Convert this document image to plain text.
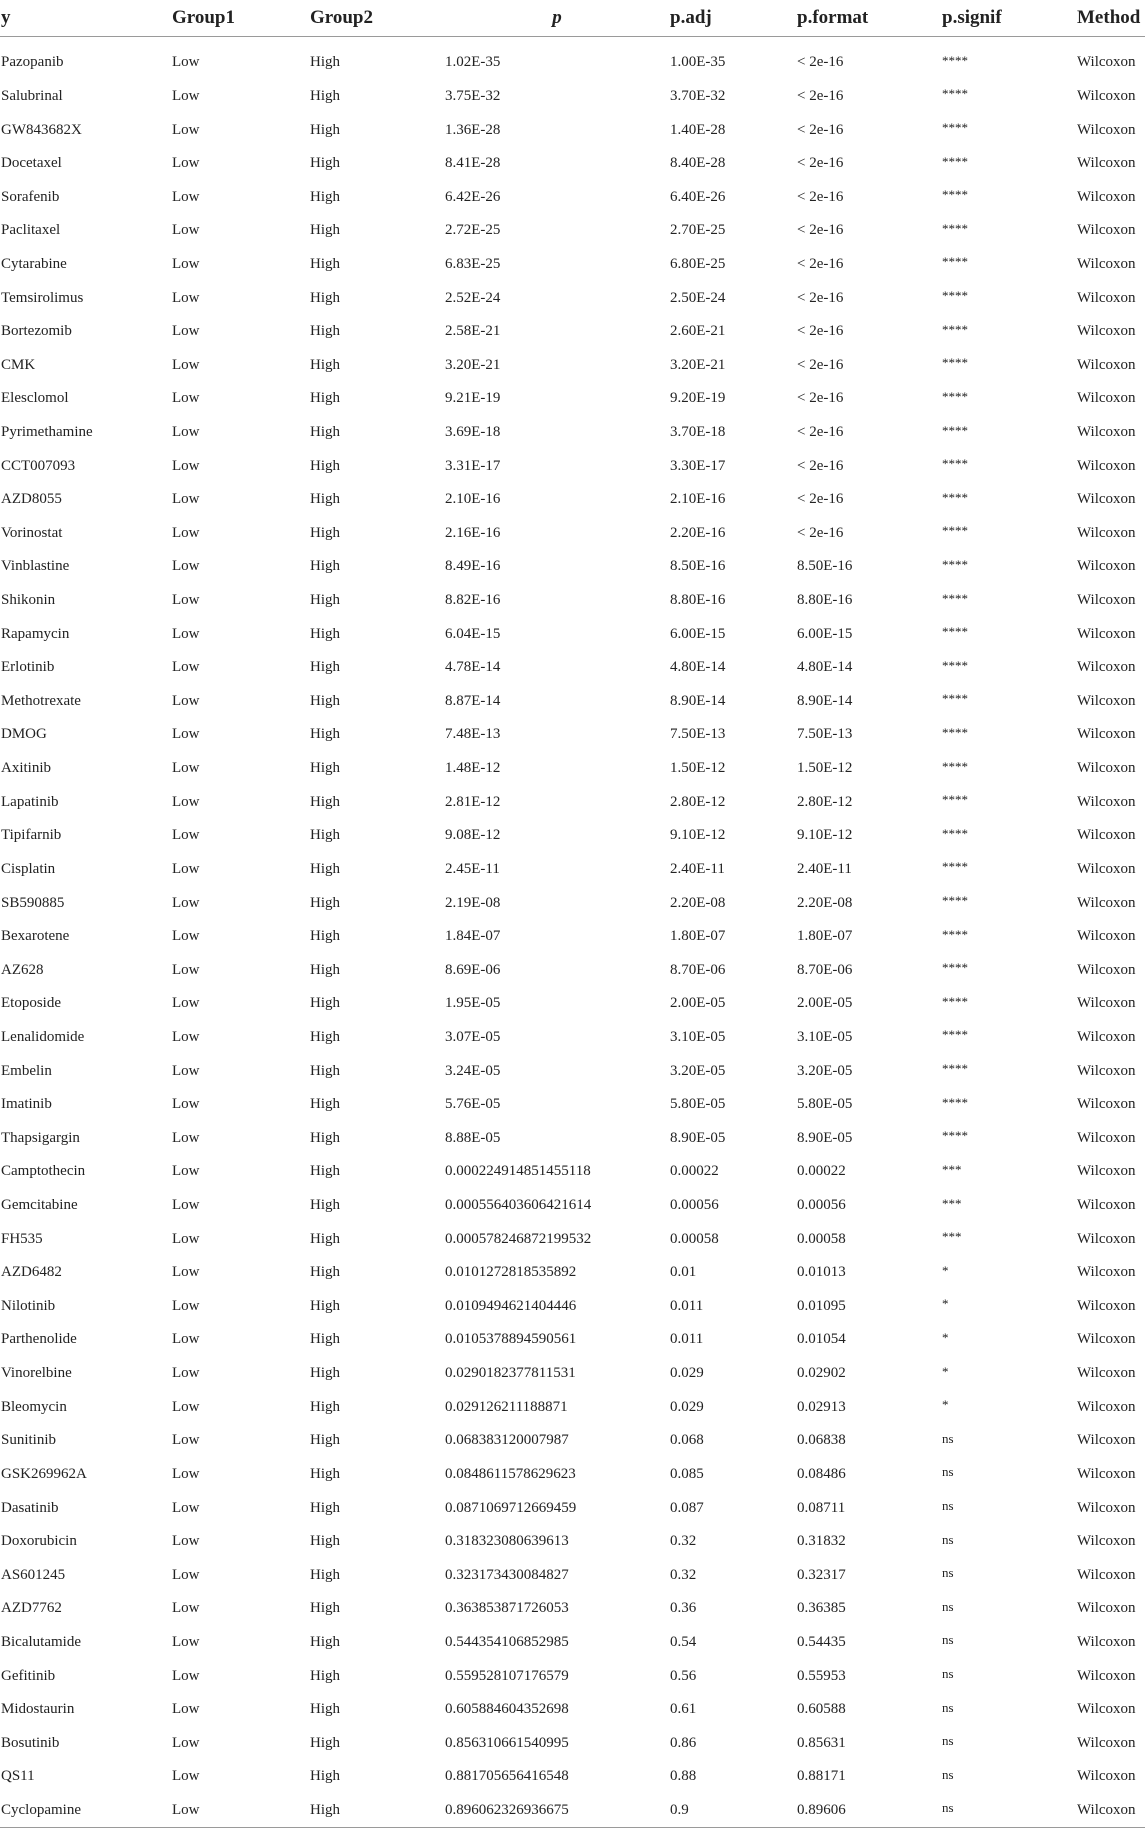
y	Group1	Group2	p	p.adj	p.format	p.signif	Method

Pazopanib	Low	High	1.02E-35	1.00E-35	< 2e-16	****	Wilcoxon
Salubrinal	Low	High	3.75E-32	3.70E-32	< 2e-16	****	Wilcoxon
GW843682X	Low	High	1.36E-28	1.40E-28	< 2e-16	****	Wilcoxon
Docetaxel	Low	High	8.41E-28	8.40E-28	< 2e-16	****	Wilcoxon
Sorafenib	Low	High	6.42E-26	6.40E-26	< 2e-16	****	Wilcoxon
Paclitaxel	Low	High	2.72E-25	2.70E-25	< 2e-16	****	Wilcoxon
Cytarabine	Low	High	6.83E-25	6.80E-25	< 2e-16	****	Wilcoxon
Temsirolimus	Low	High	2.52E-24	2.50E-24	< 2e-16	****	Wilcoxon
Bortezomib	Low	High	2.58E-21	2.60E-21	< 2e-16	****	Wilcoxon
CMK	Low	High	3.20E-21	3.20E-21	< 2e-16	****	Wilcoxon
Elesclomol	Low	High	9.21E-19	9.20E-19	< 2e-16	****	Wilcoxon
Pyrimethamine	Low	High	3.69E-18	3.70E-18	< 2e-16	****	Wilcoxon
CCT007093	Low	High	3.31E-17	3.30E-17	< 2e-16	****	Wilcoxon
AZD8055	Low	High	2.10E-16	2.10E-16	< 2e-16	****	Wilcoxon
Vorinostat	Low	High	2.16E-16	2.20E-16	< 2e-16	****	Wilcoxon
Vinblastine	Low	High	8.49E-16	8.50E-16	8.50E-16	****	Wilcoxon
Shikonin	Low	High	8.82E-16	8.80E-16	8.80E-16	****	Wilcoxon
Rapamycin	Low	High	6.04E-15	6.00E-15	6.00E-15	****	Wilcoxon
Erlotinib	Low	High	4.78E-14	4.80E-14	4.80E-14	****	Wilcoxon
Methotrexate	Low	High	8.87E-14	8.90E-14	8.90E-14	****	Wilcoxon
DMOG	Low	High	7.48E-13	7.50E-13	7.50E-13	****	Wilcoxon
Axitinib	Low	High	1.48E-12	1.50E-12	1.50E-12	****	Wilcoxon
Lapatinib	Low	High	2.81E-12	2.80E-12	2.80E-12	****	Wilcoxon
Tipifarnib	Low	High	9.08E-12	9.10E-12	9.10E-12	****	Wilcoxon
Cisplatin	Low	High	2.45E-11	2.40E-11	2.40E-11	****	Wilcoxon
SB590885	Low	High	2.19E-08	2.20E-08	2.20E-08	****	Wilcoxon
Bexarotene	Low	High	1.84E-07	1.80E-07	1.80E-07	****	Wilcoxon
AZ628	Low	High	8.69E-06	8.70E-06	8.70E-06	****	Wilcoxon
Etoposide	Low	High	1.95E-05	2.00E-05	2.00E-05	****	Wilcoxon
Lenalidomide	Low	High	3.07E-05	3.10E-05	3.10E-05	****	Wilcoxon
Embelin	Low	High	3.24E-05	3.20E-05	3.20E-05	****	Wilcoxon
Imatinib	Low	High	5.76E-05	5.80E-05	5.80E-05	****	Wilcoxon
Thapsigargin	Low	High	8.88E-05	8.90E-05	8.90E-05	****	Wilcoxon
Camptothecin	Low	High	0.000224914851455118	0.00022	0.00022	***	Wilcoxon
Gemcitabine	Low	High	0.000556403606421614	0.00056	0.00056	***	Wilcoxon
FH535	Low	High	0.000578246872199532	0.00058	0.00058	***	Wilcoxon
AZD6482	Low	High	0.0101272818535892	0.01	0.01013	*	Wilcoxon
Nilotinib	Low	High	0.0109494621404446	0.011	0.01095	*	Wilcoxon
Parthenolide	Low	High	0.0105378894590561	0.011	0.01054	*	Wilcoxon
Vinorelbine	Low	High	0.0290182377811531	0.029	0.02902	*	Wilcoxon
Bleomycin	Low	High	0.029126211188871	0.029	0.02913	*	Wilcoxon
Sunitinib	Low	High	0.068383120007987	0.068	0.06838	ns	Wilcoxon
GSK269962A	Low	High	0.0848611578629623	0.085	0.08486	ns	Wilcoxon
Dasatinib	Low	High	0.0871069712669459	0.087	0.08711	ns	Wilcoxon
Doxorubicin	Low	High	0.318323080639613	0.32	0.31832	ns	Wilcoxon
AS601245	Low	High	0.323173430084827	0.32	0.32317	ns	Wilcoxon
AZD7762	Low	High	0.363853871726053	0.36	0.36385	ns	Wilcoxon
Bicalutamide	Low	High	0.544354106852985	0.54	0.54435	ns	Wilcoxon
Gefitinib	Low	High	0.559528107176579	0.56	0.55953	ns	Wilcoxon
Midostaurin	Low	High	0.605884604352698	0.61	0.60588	ns	Wilcoxon
Bosutinib	Low	High	0.856310661540995	0.86	0.85631	ns	Wilcoxon
QS11	Low	High	0.881705656416548	0.88	0.88171	ns	Wilcoxon
Cyclopamine	Low	High	0.896062326936675	0.9	0.89606	ns	Wilcoxon
